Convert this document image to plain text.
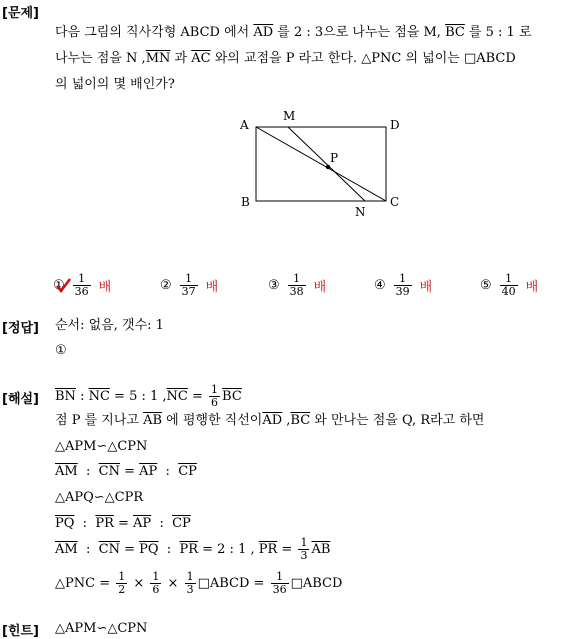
[문제]
[정답]
[해설]
[힌트]
다음 그림의 직사각형 ABCD 에서 $\overline{AD}$ 를 2 : 3으로 나누는 점을 M, $\overline{BC}$ 를 5 : 1 로
나누는 점을 N $,\overline{MN}$ 과 $\overline{AC}$ 와의 교점을 P 라고 한다. △PNC 의 넓이는 □ABCD
의 넓이의 몇 배인가?
A	D
B	C
M
N
P
① $\frac{1}{36}$ 배	② $\frac{1}{37}$ 배	③ $\frac{1}{38}$ 배	④ $\frac{1}{39}$ 배	⑤ $\frac{1}{40}$ 배
순서: 없음, 갯수: 1
①
$\overline{BN}$ : $\overline{NC} = 5$ : 1 $,\overline{NC} = \frac{1}{6} \overline{BC}$
점 P 를 지나고 $\overline{AB}$ 에 평행한 직선이$\overline{AD}$ $,\overline{BC}$ 와 만나는 점을 Q, R라고 하면
△APM∽△CPN
$\overline{AM}$  :  $\overline{CN} = \overline{AP}$  :  $\overline{CP}$
△APQ∽△CPR
$\overline{PQ}$  :  $\overline{PR} = \overline{AP}$  :  $\overline{CP}$
$\overline{AM}$  :  $\overline{CN} = \overline{PQ}$  :  $\overline{PR} = 2$ : 1 , $\overline{PR} = \frac{1}{3} \overline{AB}$
△PNC = $\frac{1}{2} \times \frac{1}{6} \times \frac{1}{3}$ □ABCD = $\frac{1}{36}$ □ABCD
△APM∽△CPN
